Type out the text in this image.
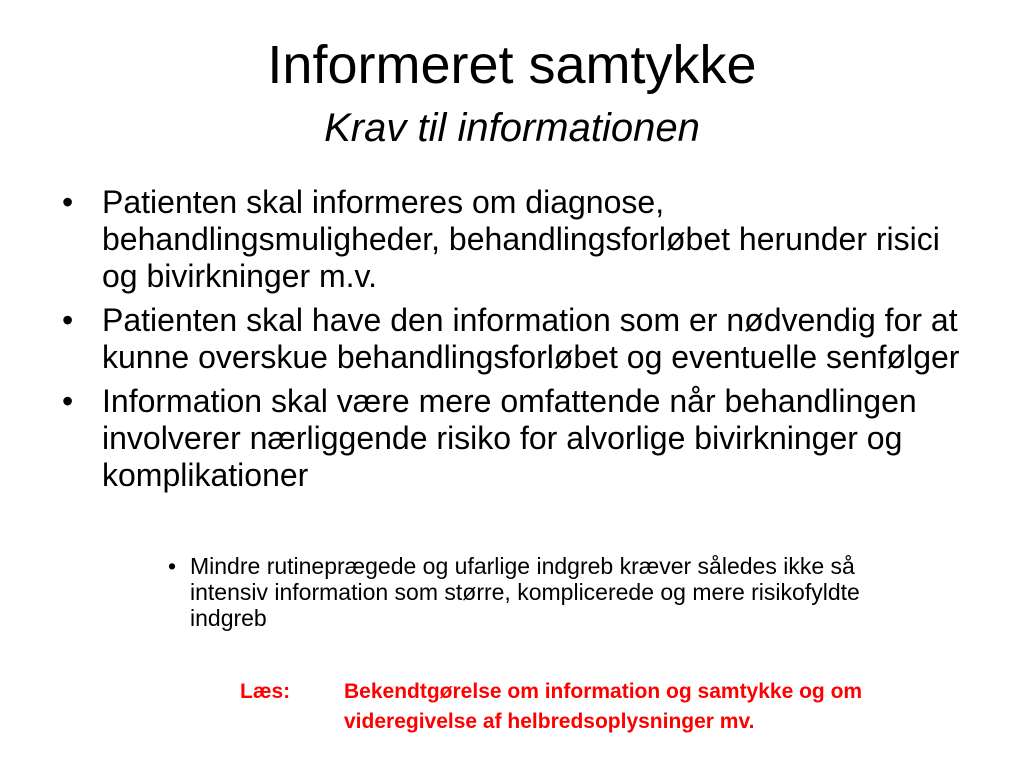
Informeret samtykke
Krav til informationen
• Patienten skal informeres om diagnose, behandlingsmuligheder, behandlingsforløbet herunder risici og bivirkninger m.v.
• Patienten skal have den information som er nødvendig for at kunne overskue behandlingsforløbet og eventuelle senfølger
• Information skal være mere omfattende når behandlingen involverer nærliggende risiko for alvorlige bivirkninger og komplikationer
• Mindre rutineprægede og ufarlige indgreb kræver således ikke så intensiv information som større, komplicerede og mere risikofyldte indgreb
Læs:	Bekendtgørelse om information og samtykke og om
videregivelse af helbredsoplysninger mv.
